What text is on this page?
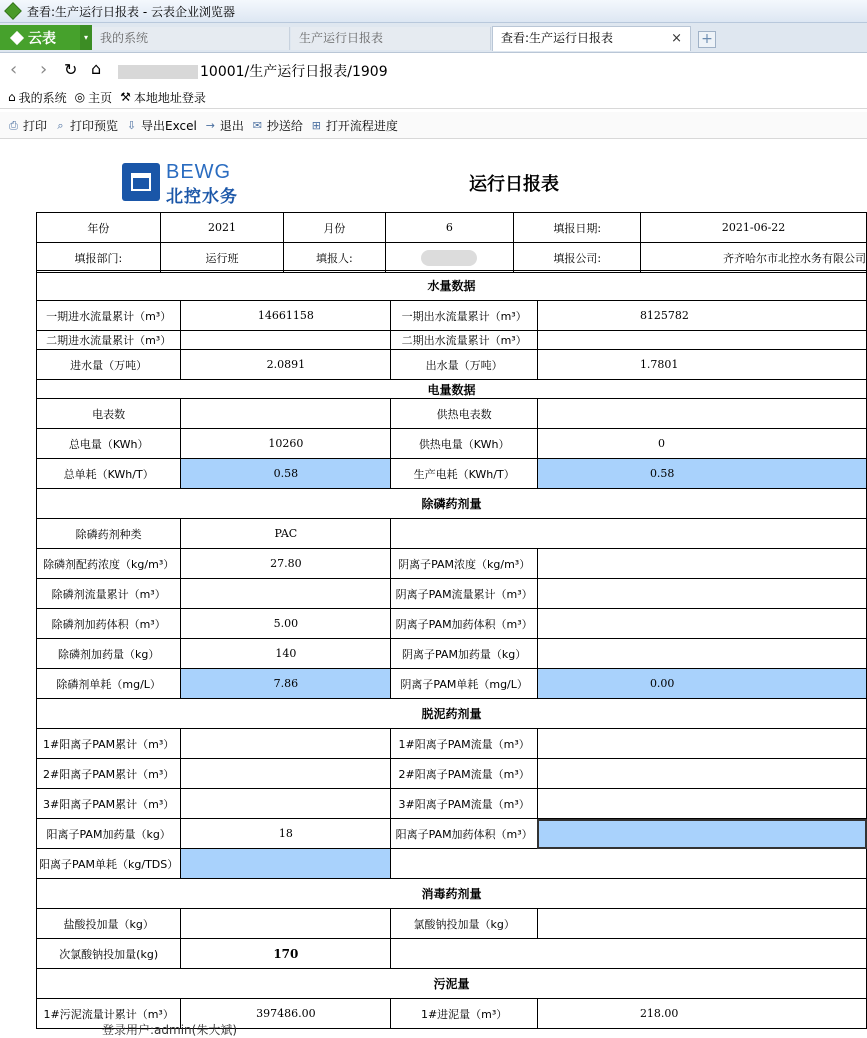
查看:生产运行日报表 - 云表企业浏览器
云表	▾	我的系统	生产运行日报表	查看:生产运行日报表	× +
‹ › ↻ ⌂	10001/生产运行日报表/1909
⌂ 我的系统 ◎ 主页 ⚒ 本地地址登录
⎙ 打印 ⌕ 打印预览 ⇩ 导出Excel → 退出 ✉ 抄送给 ⊞ 打开流程进度
BEWG
北控水务
运行日报表
年份	2021	月份	6	填报日期:	2021-06-22
填报部门:	运行班	填报人:		填报公司:	齐齐哈尔市北控水务有限公司
水量数据			
一期进水流量累计（m³）	14661158	一期出水流量累计（m³）	8125782
二期进水流量累计（m³）		二期出水流量累计（m³）	
进水量（万吨）	2.0891	出水量（万吨）	1.7801
电量数据			
电表数		供热电表数	
总电量（KWh）	10260	供热电量（KWh）	0
总单耗（KWh/T）	0.58	生产电耗（KWh/T）	0.58
除磷药剂量			
除磷药剂种类	PAC		
除磷剂配药浓度（kg/m³）	27.80	阴离子PAM浓度（kg/m³）	
除磷剂流量累计（m³）		阴离子PAM流量累计（m³）	
除磷剂加药体积（m³）	5.00	阴离子PAM加药体积（m³）	
除磷剂加药量（kg）	140	阴离子PAM加药量（kg）	
除磷剂单耗（mg/L）	7.86	阴离子PAM单耗（mg/L）	0.00
脱泥药剂量			
1#阳离子PAM累计（m³）		1#阳离子PAM流量（m³）	
2#阳离子PAM累计（m³）		2#阳离子PAM流量（m³）	
3#阳离子PAM累计（m³）		3#阳离子PAM流量（m³）	
阳离子PAM加药量（kg）	18	阳离子PAM加药体积（m³）	
阳离子PAM单耗（kg/TDS）			
消毒药剂量			
盐酸投加量（kg）		氯酸钠投加量（kg）	
次氯酸钠投加量(kg)	170		
污泥量			
1#污泥流量计累计（m³）	397486.00	1#进泥量（m³）	218.00
登录用户:admin(朱大斌)
